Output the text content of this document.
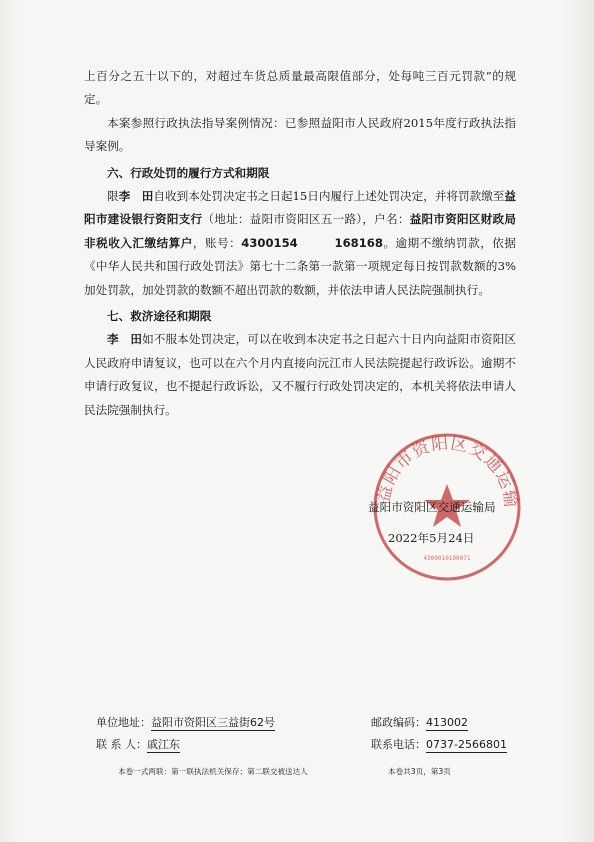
上百分之五十以下的，对超过车货总质量最高限值部分，处每吨三百元罚款”的规定。

本案参照行政执法指导案例情况：已参照益阳市人民政府2015年度行政执法指导案例。

六、行政处罚的履行方式和期限

限李　田自收到本处罚决定书之日起15日内履行上述处罚决定，并将罚款缴至益阳市建设银行资阳支行（地址：益阳市资阳区五一路），户名：益阳市资阳区财政局非税收入汇缴结算户，账号：4300154　　　168168。逾期不缴纳罚款，依据《中华人民共和国行政处罚法》第七十二条第一款第一项规定每日按罚款数额的3%加处罚款，加处罚款的数额不超出罚款的数额，并依法申请人民法院强制执行。

七、救济途径和期限

李　田如不服本处罚决定，可以在收到本决定书之日起六十日内向益阳市资阳区人民政府申请复议，也可以在六个月内直接向沅江市人民法院提起行政诉讼。逾期不申请行政复议，也不提起行政诉讼，又不履行行政处罚决定的，本机关将依法申请人民法院强制执行。

益阳市资阳区交通运输
4309010190071
益阳市资阳区交通运输局
2022年5月24日
单位地址：益阳市资阳区三益街62号	邮政编码：413002
联 系 人：戚江东	联系电话：0737-2566801
本卷一式两联：第一联执法机关保存；第二联交被送达人	本卷共3页，第3页
